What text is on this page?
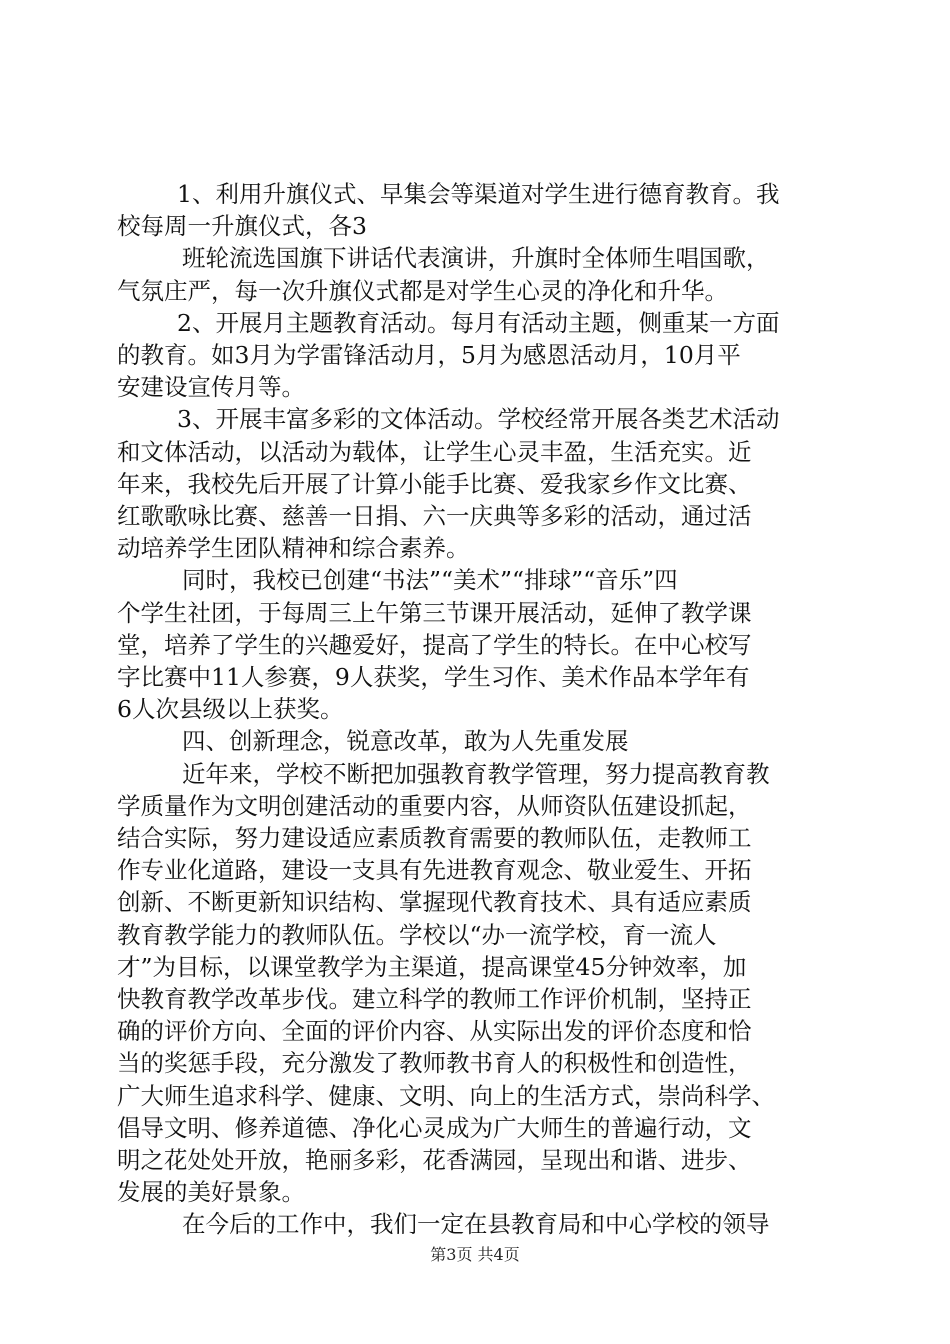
1、利用升旗仪式、早集会等渠道对学生进行德育教育。我
校每周一升旗仪式，各3
班轮流选国旗下讲话代表演讲，升旗时全体师生唱国歌，
气氛庄严，每一次升旗仪式都是对学生心灵的净化和升华。
2、开展月主题教育活动。每月有活动主题，侧重某一方面
的教育。如3月为学雷锋活动月，5月为感恩活动月，10月平
安建设宣传月等。
3、开展丰富多彩的文体活动。学校经常开展各类艺术活动
和文体活动，以活动为载体，让学生心灵丰盈，生活充实。近
年来，我校先后开展了计算小能手比赛、爱我家乡作文比赛、
红歌歌咏比赛、慈善一日捐、六一庆典等多彩的活动，通过活
动培养学生团队精神和综合素养。
同时，我校已创建“书法”“美术”“排球”“音乐”四
个学生社团，于每周三上午第三节课开展活动，延伸了教学课
堂，培养了学生的兴趣爱好，提高了学生的特长。在中心校写
字比赛中11人参赛，9人获奖，学生习作、美术作品本学年有
6人次县级以上获奖。
四、创新理念，锐意改革，敢为人先重发展
近年来，学校不断把加强教育教学管理，努力提高教育教
学质量作为文明创建活动的重要内容，从师资队伍建设抓起，
结合实际，努力建设适应素质教育需要的教师队伍，走教师工
作专业化道路，建设一支具有先进教育观念、敬业爱生、开拓
创新、不断更新知识结构、掌握现代教育技术、具有适应素质
教育教学能力的教师队伍。学校以“办一流学校，育一流人
才”为目标，以课堂教学为主渠道，提高课堂45分钟效率，加
快教育教学改革步伐。建立科学的教师工作评价机制，坚持正
确的评价方向、全面的评价内容、从实际出发的评价态度和恰
当的奖惩手段，充分激发了教师教书育人的积极性和创造性，
广大师生追求科学、健康、文明、向上的生活方式，崇尚科学、
倡导文明、修养道德、净化心灵成为广大师生的普遍行动，文
明之花处处开放，艳丽多彩，花香满园，呈现出和谐、进步、
发展的美好景象。
在今后的工作中，我们一定在县教育局和中心学校的领导
第3页 共4页
